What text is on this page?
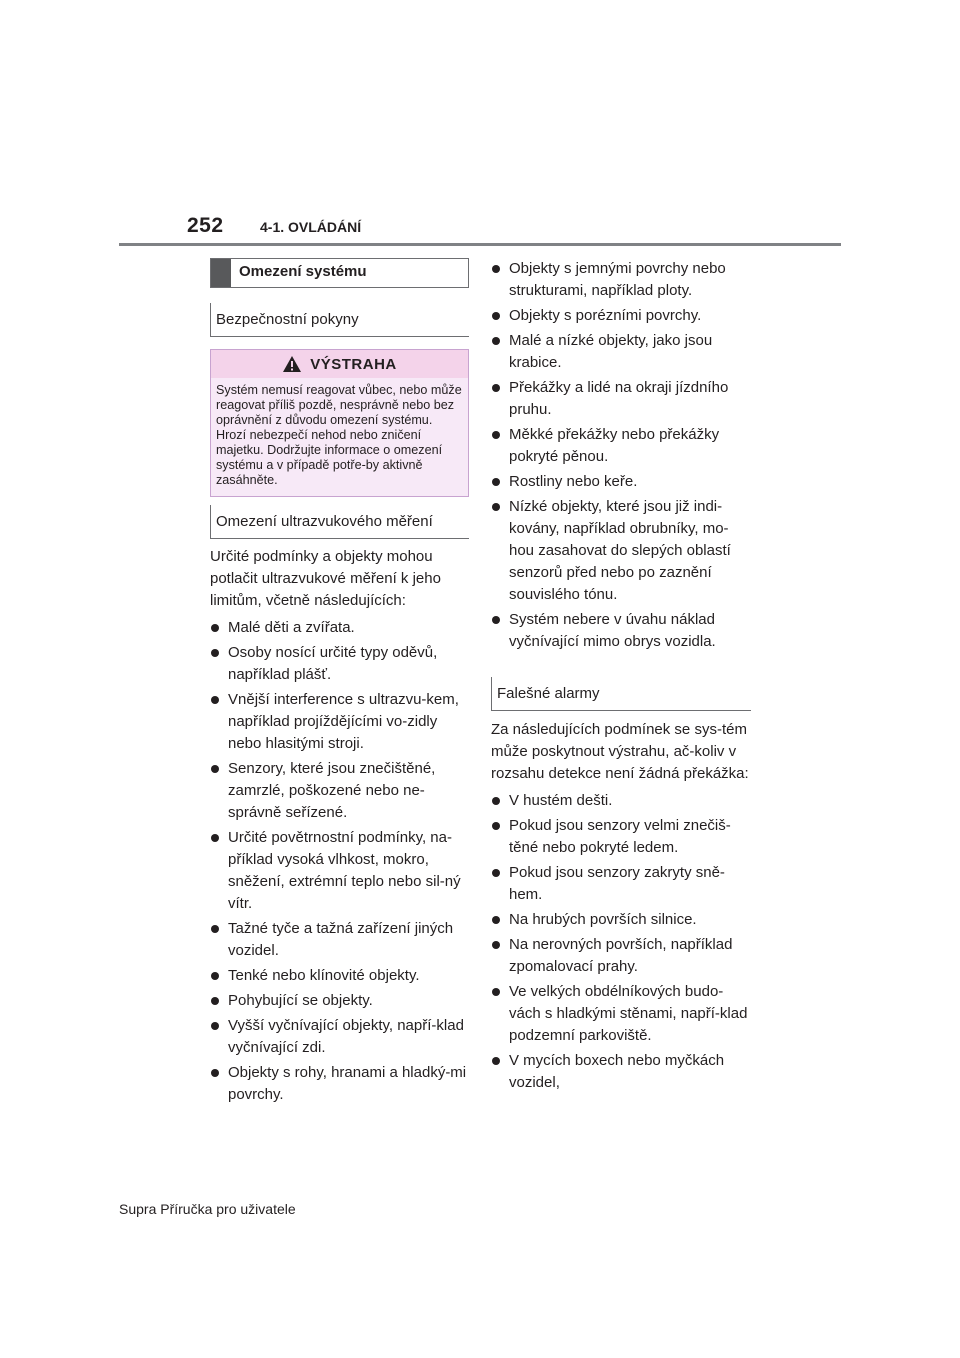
252	4-1. OVLÁDÁNÍ
Omezení systému
Bezpečnostní pokyny
VÝSTRAHA
Systém nemusí reagovat vůbec, nebo může reagovat příliš pozdě, nesprávně nebo bez oprávnění z důvodu omezení systému. Hrozí nebezpečí nehod nebo zničení majetku. Dodržujte informace o omezení systému a v případě potře-by aktivně zasáhněte.
Omezení ultrazvukového měření
Určité podmínky a objekty mohou potlačit ultrazvukové měření k jeho limitům, včetně následujících:
Malé děti a zvířata.
Osoby nosící určité typy oděvů, například plášť.
Vnější interference s ultrazvu-kem, například projíždějícími vo-zidly nebo hlasitými stroji.
Senzory, které jsou znečištěné, zamrzlé, poškozené nebo ne-správně seřízené.
Určité povětrnostní podmínky, na-příklad vysoká vlhkost, mokro, sněžení, extrémní teplo nebo sil-ný vítr.
Tažné tyče a tažná zařízení jiných vozidel.
Tenké nebo klínovité objekty.
Pohybující se objekty.
Vyšší vyčnívající objekty, napří-klad vyčnívající zdi.
Objekty s rohy, hranami a hladký-mi povrchy.
Objekty s jemnými povrchy nebo strukturami, například ploty.
Objekty s porézními povrchy.
Malé a nízké objekty, jako jsou krabice.
Překážky a lidé na okraji jízdního pruhu.
Měkké překážky nebo překážky pokryté pěnou.
Rostliny nebo keře.
Nízké objekty, které jsou již indi-kovány, například obrubníky, mo-hou zasahovat do slepých oblastí senzorů před nebo po zaznění souvislého tónu.
Systém nebere v úvahu náklad vyčnívající mimo obrys vozidla.
Falešné alarmy
Za následujících podmínek se sys-tém může poskytnout výstrahu, ač-koliv v rozsahu detekce není žádná překážka:
V hustém dešti.
Pokud jsou senzory velmi znečiš-těné nebo pokryté ledem.
Pokud jsou senzory zakryty sně-hem.
Na hrubých površích silnice.
Na nerovných površích, například zpomalovací prahy.
Ve velkých obdélníkových budo-vách s hladkými stěnami, napří-klad podzemní parkoviště.
V mycích boxech nebo myčkách vozidel,
Supra Příručka pro uživatele
